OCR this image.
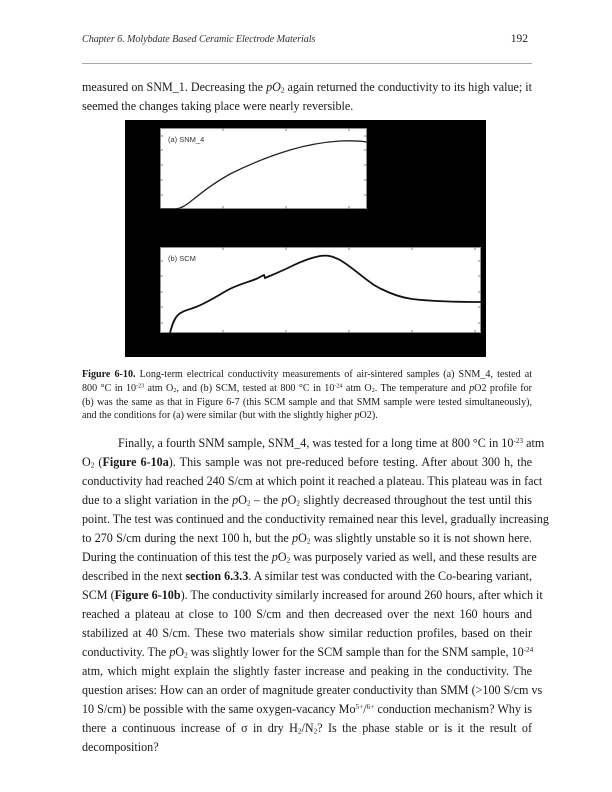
Chapter 6. Molybdate Based Ceramic Electrode Materials	192
measured on SNM_1. Decreasing the $pO_2$ again returned the conductivity to its high value; it
seemed the changes taking place were nearly reversible.
(a) SNM_4
(b) SCM
Figure 6-10. Long-term electrical conductivity measurements of air-sintered samples (a) SNM_4, tested at
800 °C in $10^{-23}$ atm $O_2$, and (b) SCM, tested at 800 °C in $10^{-24}$ atm $O_2$. The temperature and pO2 profile for
(b) was the same as that in Figure 6-7 (this SCM sample and that SMM sample were tested simultaneously),
and the conditions for (a) were similar (but with the slightly higher pO2).
Finally, a fourth SNM sample, SNM_4, was tested for a long time at 800 °C in $10^{-23}$ atm
$O_2$ (Figure 6-10a). This sample was not pre-reduced before testing. After about 300 h, the
conductivity had reached 240 S/cm at which point it reached a plateau. This plateau was in fact
due to a slight variation in the $pO_2$ – the $pO_2$ slightly decreased throughout the test until this
point. The test was continued and the conductivity remained near this level, gradually increasing
to 270 S/cm during the next 100 h, but the $pO_2$ was slightly unstable so it is not shown here.
During the continuation of this test the $pO_2$ was purposely varied as well, and these results are
described in the next section 6.3.3. A similar test was conducted with the Co-bearing variant,
SCM (Figure 6-10b). The conductivity similarly increased for around 260 hours, after which it
reached a plateau at close to 100 S/cm and then decreased over the next 160 hours and
stabilized at 40 S/cm. These two materials show similar reduction profiles, based on their
conductivity. The $pO_2$ was slightly lower for the SCM sample than for the SNM sample, $10^{-24}$
atm, which might explain the slightly faster increase and peaking in the conductivity. The
question arises: How can an order of magnitude greater conductivity than SMM (>100 S/cm vs
10 S/cm) be possible with the same oxygen-vacancy $Mo^{5+}/^{6+}$ conduction mechanism? Why is
there a continuous increase of σ in dry $H_2/N_2$? Is the phase stable or is it the result of
decomposition?
